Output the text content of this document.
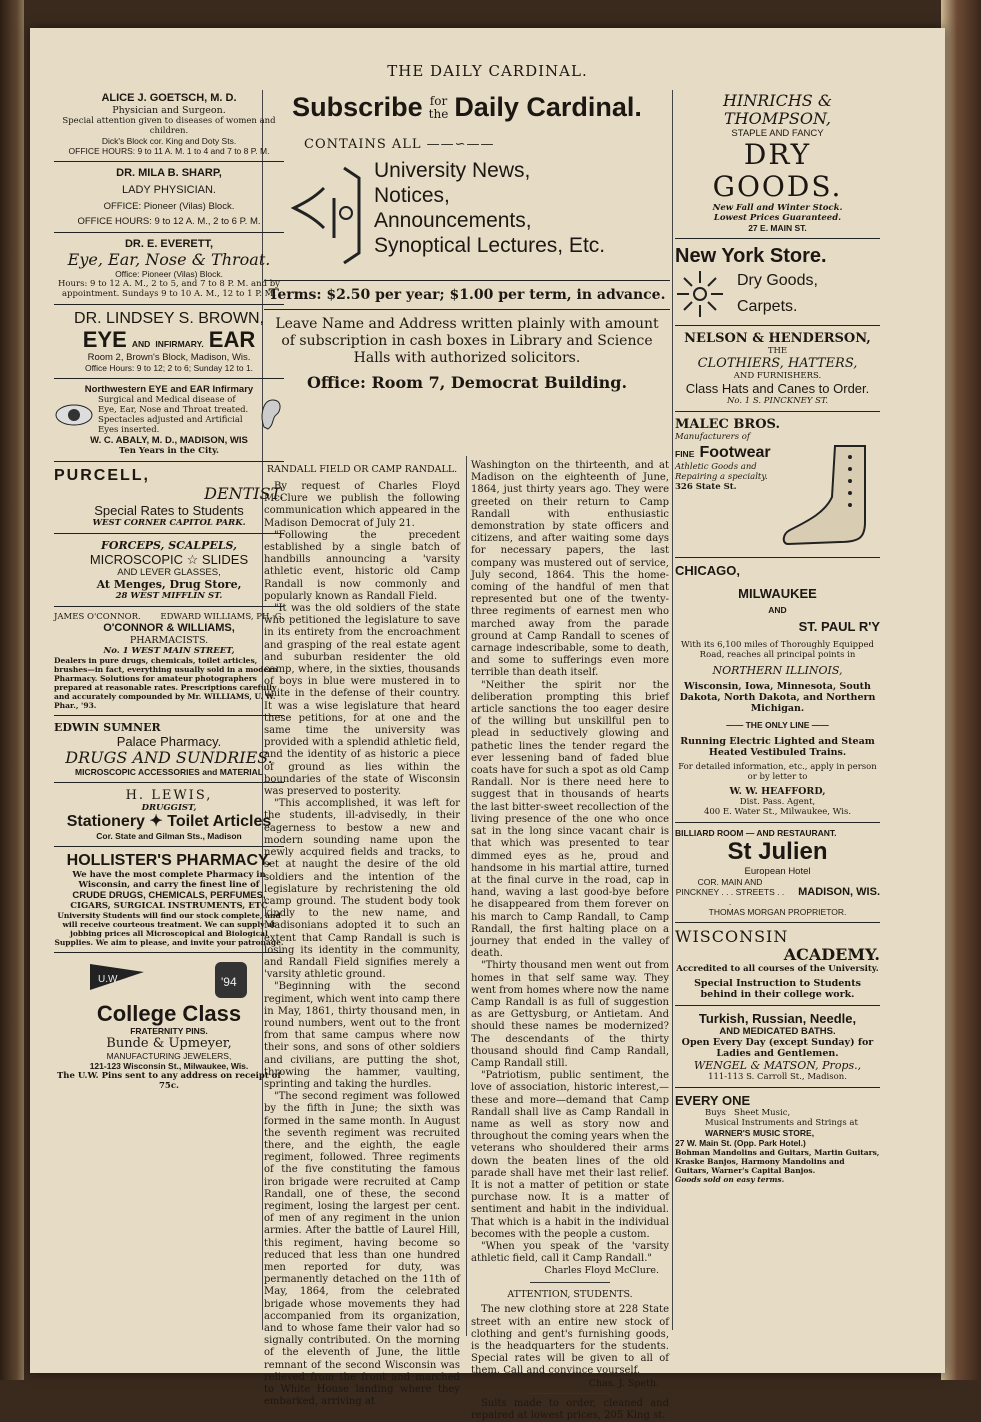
THE DAILY CARDINAL.
ALICE J. GOETSCH, M. D.
Physician and Surgeon.
Special attention given to diseases of women and children.
Dick's Block cor. King and Doty Sts.
OFFICE HOURS: 9 to 11 A. M. 1 to 4 and 7 to 8 P. M.
DR. MILA B. SHARP,
LADY PHYSICIAN.
OFFICE: Pioneer (Vilas) Block.
OFFICE HOURS: 9 to 12 A. M., 2 to 6 P. M.
DR. E. EVERETT,
Eye, Ear, Nose & Throat.
Office: Pioneer (Vilas) Block.
Hours: 9 to 12 A. M., 2 to 5, and 7 to 8 P. M. and by appointment. Sundays 9 to 10 A. M., 12 to 1 P. M.
DR. LINDSEY S. BROWN,
EYE AND INFIRMARY. EAR
Room 2, Brown's Block, Madison, Wis.
Office Hours: 9 to 12; 2 to 6; Sunday 12 to 1.
Northwestern EYE and EAR Infirmary
Surgical and Medical disease of Eye, Ear, Nose and Throat treated. Spectacles adjusted and Artificial Eyes inserted.
W. C. ABALY, M. D., MADISON, WIS
Ten Years in the City.
PURCELL,
DENTIST.
Special Rates to Students
WEST CORNER CAPITOL PARK.
FORCEPS, SCALPELS,
MICROSCOPIC ☆ SLIDES
AND LEVER GLASSES,
At Menges, Drug Store,
28 WEST MIFFLIN ST.
JAMES O'CONNOR. EDWARD WILLIAMS, PH. G.
O'CONNOR & WILLIAMS,
PHARMACISTS.
No. 1 WEST MAIN STREET,
Dealers in pure drugs, chemicals, toilet articles, brushes—in fact, everything usually sold in a modern Pharmacy. Solutions for amateur photographers prepared at reasonable rates. Prescriptions carefully and accurately compounded by Mr. WILLIAMS, U. W. Phar., '93.
EDWIN SUMNER
Palace Pharmacy.
DRUGS AND SUNDRIES.
MICROSCOPIC ACCESSORIES and MATERIAL
H. LEWIS,
DRUGGIST,
Stationery ✦ Toilet Articles
Cor. State and Gilman Sts., Madison
HOLLISTER'S PHARMACY.
We have the most complete Pharmacy in Wisconsin, and carry the finest line of
CRUDE DRUGS, CHEMICALS, PERFUMES,
CIGARS, SURGICAL INSTRUMENTS, ETC
University Students will find our stock complete, and will receive courteous treatment. We can supply at jobbing prices all Microscopical and Biological Supplies. We aim to please, and invite your patronage.
U.W.	'94
College Class
FRATERNITY PINS.
Bunde & Upmeyer,
MANUFACTURING JEWELERS,
121-123 Wisconsin St., Milwaukee, Wis.
The U.W. Pins sent to any address on receipt of 75c.
Subscribe for
the Daily Cardinal.
CONTAINS ALL ——∽——
University News,
Notices,
Announcements,
Synoptical Lectures, Etc.
Terms: $2.50 per year; $1.00 per term, in advance.
Leave Name and Address written plainly with amount of subscription in cash boxes in Library and Science Halls with authorized solicitors.
Office: Room 7, Democrat Building.
RANDALL FIELD OR CAMP RANDALL.

By request of Charles Floyd McClure we publish the following communication which appeared in the Madison Democrat of July 21.

"Following the precedent established by a single batch of handbills announcing a 'varsity athletic event, historic old Camp Randall is now commonly and popularly known as Randall Field.

"It was the old soldiers of the state who petitioned the legislature to save in its entirety from the encroachment and grasping of the real estate agent and suburban residenter the old camp, where, in the sixties, thousands of boys in blue were mustered in to unite in the defense of their country. It was a wise legislature that heard these petitions, for at one and the same time the university was provided with a splendid athletic field, and the identity of as historic a piece of ground as lies within the boundaries of the state of Wisconsin was preserved to posterity.

"This accomplished, it was left for the students, ill-advisedly, in their eagerness to bestow a new and modern sounding name upon the newly acquired fields and tracks, to set at naught the desire of the old soldiers and the intention of the legislature by rechristening the old camp ground. The student body took kindly to the new name, and Madisonians adopted it to such an extent that Camp Randall is such is losing its identity in the community, and Randall Field signifies merely a 'varsity athletic ground.

"Beginning with the second regiment, which went into camp there in May, 1861, thirty thousand men, in round numbers, went out to the front from that same campus where now their sons, and sons of other soldiers and civilians, are putting the shot, throwing the hammer, vaulting, sprinting and taking the hurdles.

"The second regiment was followed by the fifth in June; the sixth was formed in the same month. In August the seventh regiment was recruited there, and the eighth, the eagle regiment, followed. Three regiments of the five constituting the famous iron brigade were recruited at Camp Randall, one of these, the second regiment, losing the largest per cent. of men of any regiment in the union armies. After the battle of Laurel Hill, this regiment, having become so reduced that less than one hundred men reported for duty, was permanently detached on the 11th of May, 1864, from the celebrated brigade whose movements they had accompanied from its organization, and to whose fame their valor had so signally contributed. On the morning of the eleventh of June, the little remnant of the second Wisconsin was relieved from the front and marched to White House landing where they embarked, arriving at

Washington on the thirteenth, and at Madison on the eighteenth of June, 1864, just thirty years ago. They were greeted on their return to Camp Randall with enthusiastic demonstration by state officers and citizens, and after waiting some days for necessary papers, the last company was mustered out of service, July second, 1864. This the home-coming of the handful of men that represented but one of the twenty-three regiments of earnest men who marched away from the parade ground at Camp Randall to scenes of carnage indescribable, some to death, and some to sufferings even more terrible than death itself.

"Neither the spirit nor the deliberation prompting this brief article sanctions the too eager desire of the willing but unskillful pen to plead in seductively glowing and pathetic lines the tender regard the ever lessening band of faded blue coats have for such a spot as old Camp Randall. Nor is there need here to suggest that in thousands of hearts the last bitter-sweet recollection of the living presence of the one who once sat in the long since vacant chair is that which was presented to tear dimmed eyes as he, proud and handsome in his martial attire, turned at the final curve in the road, cap in hand, waving a last good-bye before he disappeared from them forever on his march to Camp Randall, to Camp Randall, the first halting place on a journey that ended in the valley of death.

"Thirty thousand men went out from homes in that self same way. They went from homes where now the name Camp Randall is as full of suggestion as are Gettysburg, or Antietam. And should these names be modernized? The descendants of the thirty thousand should find Camp Randall, Camp Randall still.

"Patriotism, public sentiment, the love of association, historic interest,—these and more—demand that Camp Randall shall live as Camp Randall in name as well as story now and throughout the coming years when the veterans who shouldered their arms down the beaten lines of the old parade shall have met their last relief. It is not a matter of petition or state purchase now. It is a matter of sentiment and habit in the individual. That which is a habit in the individual becomes with the people a custom.

"When you speak of the 'varsity athletic field, call it Camp Randall."

Charles Floyd McClure.
ATTENTION, STUDENTS.

The new clothing store at 228 State street with an entire new stock of clothing and gent's furnishing goods, is the headquarters for the students. Special rates will be given to all of them. Call and convince yourself.

Chas. J. Speth.

Suits made to order, cleaned and repaired at lowest prices, 205 King st.

HINRICHS & THOMPSON,
STAPLE AND FANCY
DRY GOODS.
New Fall and Winter Stock.
Lowest Prices Guaranteed.
27 E. MAIN ST.
New York Store.
Dry Goods,
Carpets.
NELSON & HENDERSON,
THE
CLOTHIERS, HATTERS,
AND FURNISHERS.
Class Hats and Canes to Order.
No. 1 S. PINCKNEY ST.
MALEC BROS.
Manufacturers of
FINE Footwear
Athletic Goods and Repairing a specialty.
326 State St.
CHICAGO,
MILWAUKEE
AND
ST. PAUL R'Y
With its 6,100 miles of Thoroughly Equipped Road, reaches all principal points in
NORTHERN ILLINOIS,
Wisconsin, Iowa, Minnesota, South Dakota, North Dakota, and Northern Michigan.
—— THE ONLY LINE ——
Running Electric Lighted and Steam Heated Vestibuled Trains.
For detailed information, etc., apply in person or by letter to
W. W. HEAFFORD,
Dist. Pass. Agent,
400 E. Water St., Milwaukee, Wis.
BILLIARD ROOM — AND RESTAURANT.
St Julien
European Hotel
COR. MAIN AND PINCKNEY . . . STREETS . . .
MADISON, WIS.
THOMAS MORGAN PROPRIETOR.
WISCONSIN
ACADEMY.
Accredited to all courses of the University.
Special Instruction to Students behind in their college work.
Turkish, Russian, Needle,
AND MEDICATED BATHS.
Open Every Day (except Sunday) for Ladies and Gentlemen.
WENGEL & MATSON, Props.,
111-113 S. Carroll St., Madison.
EVERY ONE
Buys Sheet Music,
Musical Instruments and Strings at
WARNER'S MUSIC STORE,
27 W. Main St. (Opp. Park Hotel.)
Bohman Mandolins and Guitars, Martin Guitars, Kraske Banjos, Harmony Mandolins and Guitars, Warner's Capital Banjos.
Goods sold on easy terms.
